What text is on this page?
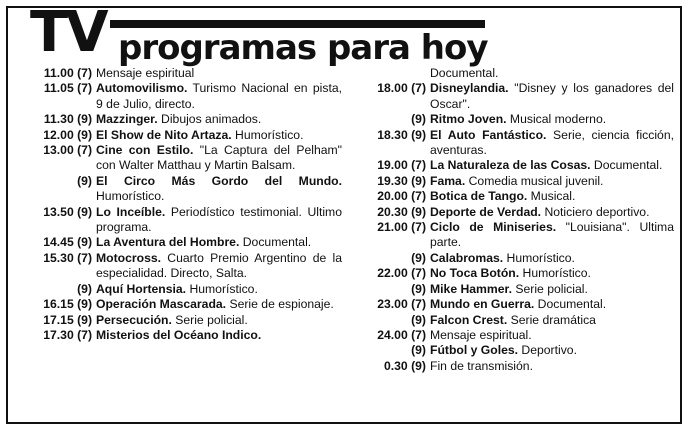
TV programas para hoy
11.00 (7) Mensaje espiritual
11.05 (7) Automovilismo. Turismo Nacional en pista, 9 de Julio, directo.
11.30 (9) Mazzinger. Dibujos animados.
12.00 (9) El Show de Nito Artaza. Humorístico.
13.00 (7) Cine con Estilo. "La Captura del Pelham" con Walter Matthau y Martin Balsam.
(9) El Circo Más Gordo del Mundo. Humorístico.
13.50 (9) Lo Inceíble. Periodístico testimonial. Ultimo programa.
14.45 (9) La Aventura del Hombre. Documental.
15.30 (7) Motocross. Cuarto Premio Argentino de la especialidad. Directo, Salta.
(9) Aquí Hortensia. Humorístico.
16.15 (9) Operación Mascarada. Serie de espionaje.
17.15 (9) Persecución. Serie policial.
17.30 (7) Misterios del Océano Indico.
Documental.
18.00 (7) Disneylandia. "Disney y los ganadores del Oscar".
(9) Ritmo Joven. Musical moderno.
18.30 (9) El Auto Fantástico. Serie, ciencia ficción, aventuras.
19.00 (7) La Naturaleza de las Cosas. Documental.
19.30 (9) Fama. Comedia musical juvenil.
20.00 (7) Botica de Tango. Musical.
20.30 (9) Deporte de Verdad. Noticiero deportivo.
21.00 (7) Ciclo de Miniseries. "Louisiana". Ultima parte.
(9) Calabromas. Humorístico.
22.00 (7) No Toca Botón. Humorístico.
(9) Mike Hammer. Serie policial.
23.00 (7) Mundo en Guerra. Documental.
(9) Falcon Crest. Serie dramática
24.00 (7) Mensaje espiritual.
(9) Fútbol y Goles. Deportivo.
0.30 (9) Fin de transmisión.
